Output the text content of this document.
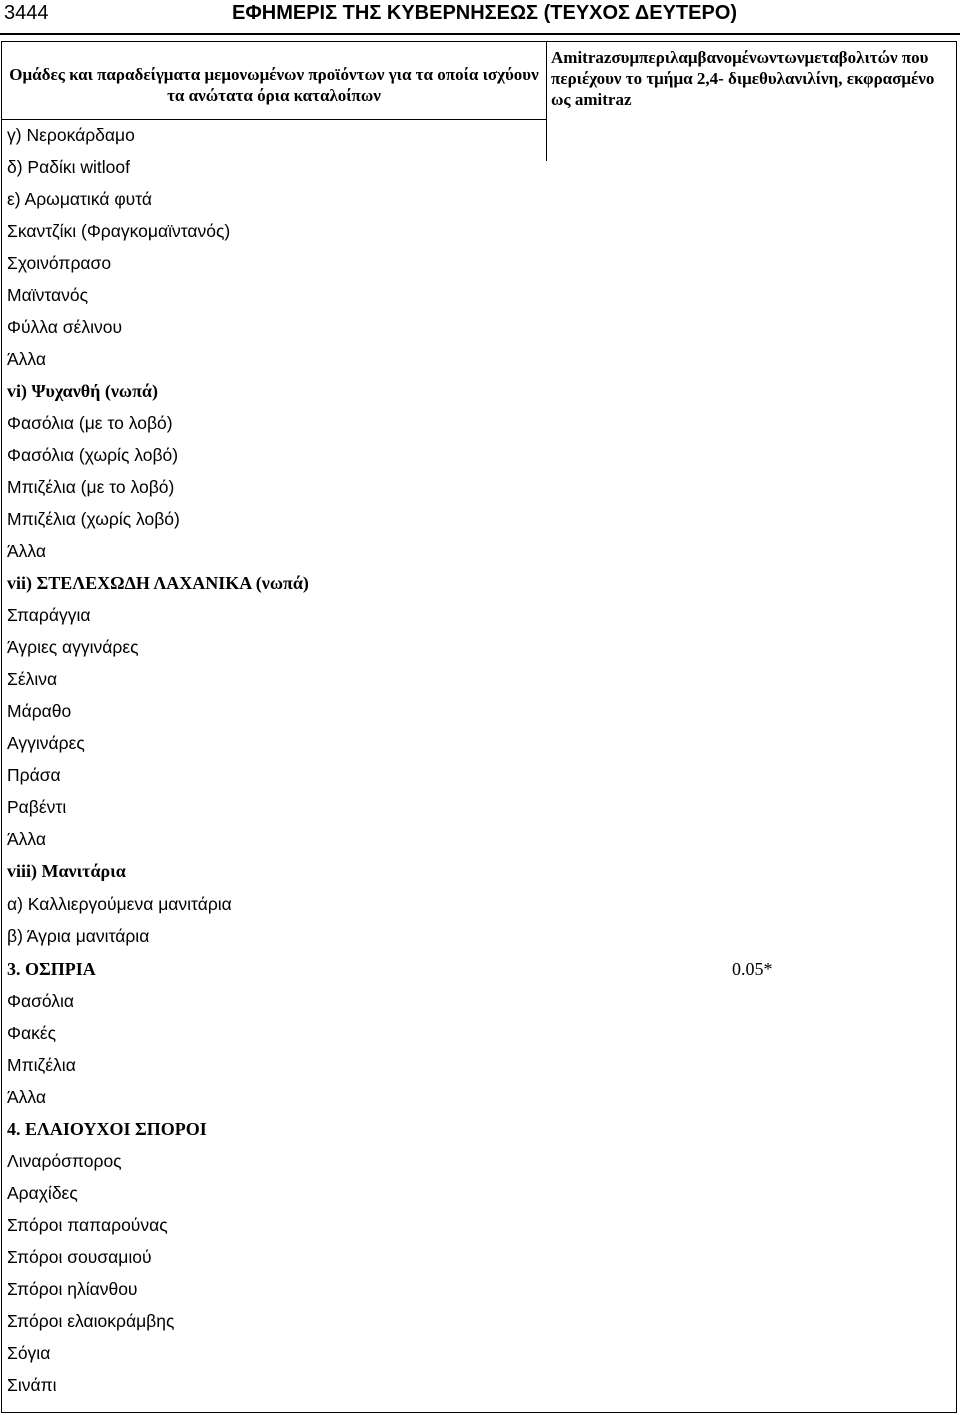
3444	ΕΦΗΜΕΡΙΣ ΤΗΣ ΚΥΒΕΡΝΗΣΕΩΣ (ΤΕΥΧΟΣ ΔΕΥΤΕΡΟ)
Ομάδες και παραδείγματα μεμονωμένων προϊόντων για τα οποία ισχύουν τα ανώτατα όρια καταλοίπων
Amitrazσυμπεριλαμβανομένωντωνμεταβολιτών που περιέχουν το τμήμα 2,4- διμεθυλανιλίνη, εκφρασμένο ως amitraz
γ) Νεροκάρδαμο
δ) Ραδίκι witloof
ε) Αρωματικά φυτά
Σκαντζίκι (Φραγκομαϊντανός)
Σχοινόπρασο
Μαϊντανός
Φύλλα σέλινου
Άλλα
vi) Ψυχανθή (νωπά)
Φασόλια (με το λοβό)
Φασόλια (χωρίς λοβό)
Μπιζέλια (με το λοβό)
Μπιζέλια (χωρίς λοβό)
Άλλα
vii) ΣΤΕΛΕΧΩΔΗ ΛΑΧΑΝΙΚΑ (νωπά)
Σπαράγγια
Άγριες αγγινάρες
Σέλινα
Μάραθο
Αγγινάρες
Πράσα
Ραβέντι
Άλλα
viii) Μανιτάρια
α) Καλλιεργούμενα μανιτάρια
β) Άγρια μανιτάρια
3. ΟΣΠΡΙΑ	0.05*
Φασόλια
Φακές
Μπιζέλια
Άλλα
4. ΕΛΑΙΟΥΧΟΙ ΣΠΟΡΟΙ
Λιναρόσπορος
Αραχίδες
Σπόροι παπαρούνας
Σπόροι σουσαμιού
Σπόροι ηλίανθου
Σπόροι ελαιοκράμβης
Σόγια
Σινάπι
